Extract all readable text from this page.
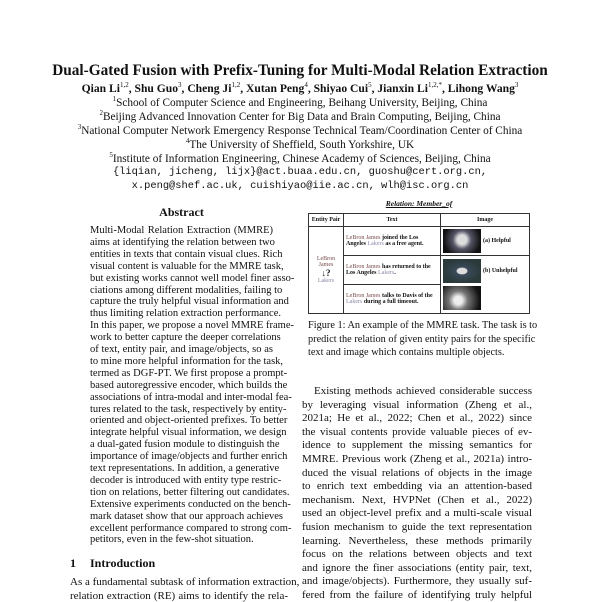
Dual-Gated Fusion with Prefix-Tuning for Multi-Modal Relation Extraction
Qian Li$^{1,2}$, Shu Guo$^3$, Cheng Ji$^{1,2}$, Xutan Peng$^4$, Shiyao Cui$^5$, Jianxin $Li^{1,2,*}$, Lihong Wang$^3$
$^1$School of Computer Science and Engineering, Beihang University, Beijing, China
$^2$Beijing Advanced Innovation Center for Big Data and Brain Computing, Beijing, China
$^3$National Computer Network Emergency Response Technical Team/Coordination Center of China
$^4$The University of Sheffield, South Yorkshire, UK
$^5$Institute of Information Engineering, Chinese Academy of Sciences, Beijing, China
{liqian, jicheng, lijx}@act.buaa.edu.cn, guoshu@cert.org.cn,
x.peng@shef.ac.uk, cuishiyao@iie.ac.cn, wlh@isc.org.cn
Abstract
Multi-Modal Relation Extraction (MMRE)
aims at identifying the relation between two
entities in texts that contain visual clues. Rich
visual content is valuable for the MMRE task,
but existing works cannot well model finer asso-
ciations among different modalities, failing to
capture the truly helpful visual information and
thus limiting relation extraction performance.
In this paper, we propose a novel MMRE frame-
work to better capture the deeper correlations
of text, entity pair, and image/objects, so as
to mine more helpful information for the task,
termed as DGF-PT. We first propose a prompt-
based autoregressive encoder, which builds the
associations of intra-modal and inter-modal fea-
tures related to the task, respectively by entity-
oriented and object-oriented prefixes. To better
integrate helpful visual information, we design
a dual-gated fusion module to distinguish the
importance of image/objects and further enrich
text representations. In addition, a generative
decoder is introduced with entity type restric-
tion on relations, better filtering out candidates.
Extensive experiments conducted on the bench-
mark dataset show that our approach achieves
excellent performance compared to strong com-
petitors, even in the few-shot situation.
1 Introduction
As a fundamental subtask of information extraction,
relation extraction (RE) aims to identify the rela-
Relation: Member_of
Entity Pair	Text	Image

LeBron James
↓?
Lakers	LeBron James joined the Los Angeles Lakers as a free agent.	(a) Helpful
	LeBron James has returned to the Los Angeles Lakers.	(b) Unhelpful

	LeBron James talks to Davis of the Lakers during a full timeout.	
Figure 1: An example of the MMRE task. The task is to
predict the relation of given entity pairs for the specific
text and image which contains multiple objects.
Existing methods achieved considerable success
by leveraging visual information (Zheng et al.,
2021a; He et al., 2022; Chen et al., 2022) since
the visual contents provide valuable pieces of ev-
idence to supplement the missing semantics for
MMRE. Previous work (Zheng et al., 2021a) intro-
duced the visual relations of objects in the image
to enrich text embedding via an attention-based
mechanism. Next, HVPNet (Chen et al., 2022)
used an object-level prefix and a multi-scale visual
fusion mechanism to guide the text representation
learning. Nevertheless, these methods primarily
focus on the relations between objects and text
and ignore the finer associations (entity pair, text,
and image/objects). Furthermore, they usually suf-
fered from the failure of identifying truly helpful
